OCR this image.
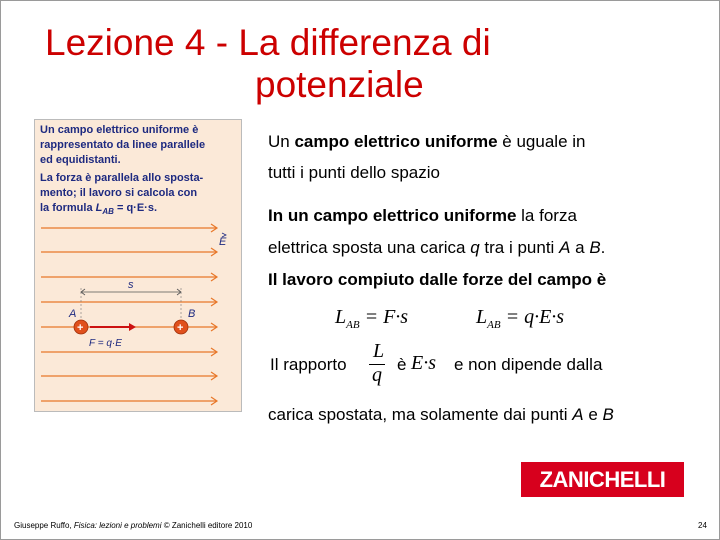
Lezione 4 - La differenza di
potenziale
Un campo elettrico uniforme è
rappresentato da linee parallele
ed equidistanti.
La forza è parallela allo sposta-
mento; il lavoro si calcola con
la formula $L_{AB} = q\cdot E\cdot s$.
E
s
A	B
+	+
F = q·E
Un campo elettrico uniforme è uguale in
tutti i punti dello spazio
In un campo elettrico uniforme la forza
elettrica sposta una carica q tra i punti A a B.
Il lavoro compiuto dalle forze del campo è
$L_{AB} = F\cdot s$	$L_{AB} = q\cdot E\cdot s$
Il rapporto
L
q è E·s e non dipende dalla
carica spostata, ma solamente dai punti A e B
ZANICHELLI
Giuseppe Ruffo, Fisica: lezioni e problemi © Zanichelli editore 2010	24
